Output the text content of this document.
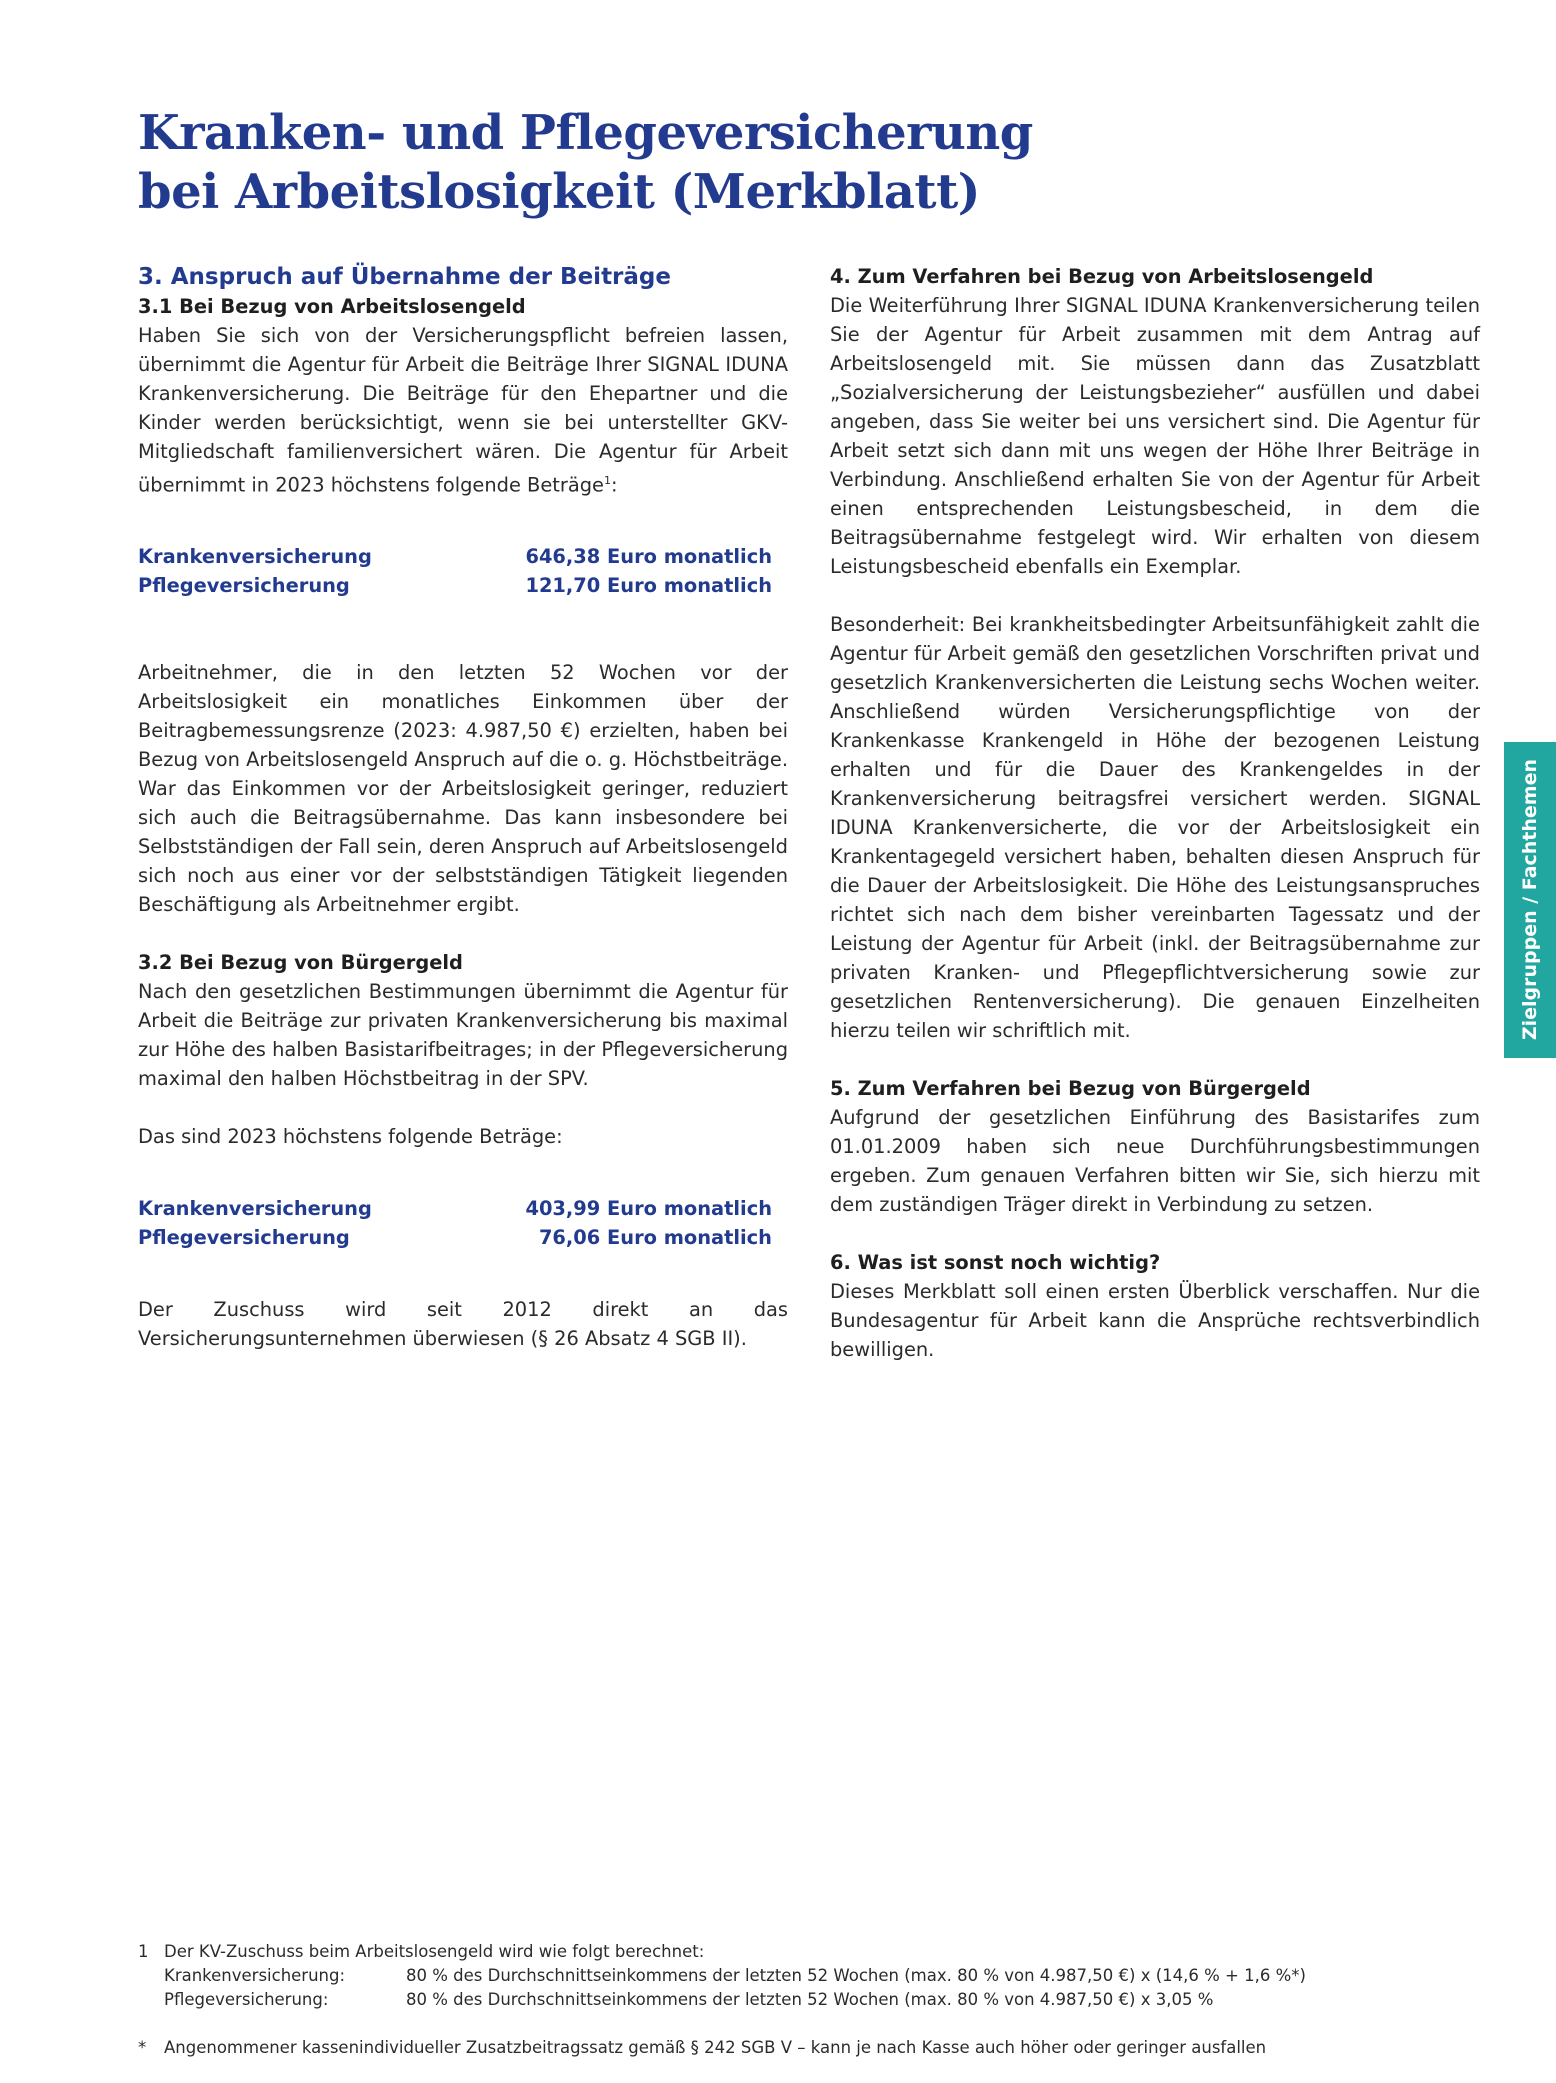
Kranken- und Pflegeversicherung
bei Arbeitslosigkeit (Merkblatt)
3. Anspruch auf Übernahme der Beiträge
3.1 Bei Bezug von Arbeitslosengeld

Haben Sie sich von der Versicherungspflicht befreien lassen, übernimmt die Agentur für Arbeit die Beiträge Ihrer SIGNAL IDUNA Krankenversicherung. Die Beiträge für den Ehepartner und die Kinder werden berücksichtigt, wenn sie bei unterstellter GKV-Mitgliedschaft familienversichert wären. Die Agentur für Arbeit übernimmt in 2023 höchstens folgende Beträge$^1$:

Krankenversicherung	646,38 Euro monatlich
Pflegeversicherung	121,70 Euro monatlich

Arbeitnehmer, die in den letzten 52 Wochen vor der Arbeitslosigkeit ein monatliches Einkommen über der Beitragbemessungsrenze (2023: 4.987,50 €) erzielten, haben bei Bezug von Arbeitslosengeld Anspruch auf die o. g. Höchstbeiträge. War das Einkommen vor der Arbeitslosigkeit geringer, reduziert sich auch die Beitragsübernahme. Das kann insbesondere bei Selbstständigen der Fall sein, deren Anspruch auf Arbeitslosengeld sich noch aus einer vor der selbstständigen Tätigkeit liegenden Beschäftigung als Arbeitnehmer ergibt.

3.2 Bei Bezug von Bürgergeld

Nach den gesetzlichen Bestimmungen übernimmt die Agentur für Arbeit die Beiträge zur privaten Krankenversicherung bis maximal zur Höhe des halben Basistarifbeitrages; in der Pflegeversicherung maximal den halben Höchstbeitrag in der SPV.

Das sind 2023 höchstens folgende Beträge:

Krankenversicherung	403,99 Euro monatlich
Pflegeversicherung	76,06 Euro monatlich

Der Zuschuss wird seit 2012 direkt an das Versicherungsunternehmen überwiesen (§ 26 Absatz 4 SGB II).

4. Zum Verfahren bei Bezug von Arbeitslosengeld

Die Weiterführung Ihrer SIGNAL IDUNA Krankenversicherung teilen Sie der Agentur für Arbeit zusammen mit dem Antrag auf Arbeitslosengeld mit. Sie müssen dann das Zusatzblatt „Sozialversicherung der Leistungsbezieher“ ausfüllen und dabei angeben, dass Sie weiter bei uns versichert sind. Die Agentur für Arbeit setzt sich dann mit uns wegen der Höhe Ihrer Beiträge in Verbindung. Anschließend erhalten Sie von der Agentur für Arbeit einen entsprechenden Leistungsbescheid, in dem die Beitragsübernahme festgelegt wird. Wir erhalten von diesem Leistungsbescheid ebenfalls ein Exemplar.

Besonderheit: Bei krankheitsbedingter Arbeitsunfähigkeit zahlt die Agentur für Arbeit gemäß den gesetzlichen Vorschriften privat und gesetzlich Krankenversicherten die Leistung sechs Wochen weiter. Anschließend würden Versicherungspflichtige von der Krankenkasse Krankengeld in Höhe der bezogenen Leistung erhalten und für die Dauer des Krankengeldes in der Krankenversicherung beitragsfrei versichert werden. SIGNAL IDUNA Krankenversicherte, die vor der Arbeitslosigkeit ein Krankentagegeld versichert haben, behalten diesen Anspruch für die Dauer der Arbeitslosigkeit. Die Höhe des Leistungsanspruches richtet sich nach dem bisher vereinbarten Tagessatz und der Leistung der Agentur für Arbeit (inkl. der Beitragsübernahme zur privaten Kranken- und Pflegepflichtversicherung sowie zur gesetzlichen Rentenversicherung). Die genauen Einzelheiten hierzu teilen wir schriftlich mit.

5. Zum Verfahren bei Bezug von Bürgergeld

Aufgrund der gesetzlichen Einführung des Basistarifes zum 01.01.2009 haben sich neue Durchführungsbestimmungen ergeben. Zum genauen Verfahren bitten wir Sie, sich hierzu mit dem zuständigen Träger direkt in Verbindung zu setzen.

6. Was ist sonst noch wichtig?

Dieses Merkblatt soll einen ersten Überblick verschaffen. Nur die Bundesagentur für Arbeit kann die Ansprüche rechtsverbindlich bewilligen.

Zielgruppen / Fachthemen
1 Der KV-Zuschuss beim Arbeitslosengeld wird wie folgt berechnet:
Krankenversicherung:	80 % des Durchschnittseinkommens der letzten 52 Wochen (max. 80 % von 4.987,50 €) x (14,6 % + 1,6 %*)
Pflegeversicherung:	80 % des Durchschnittseinkommens der letzten 52 Wochen (max. 80 % von 4.987,50 €) x 3,05 %
*	Angenommener kassenindividueller Zusatzbeitragssatz gemäß § 242 SGB V – kann je nach Kasse auch höher oder geringer ausfallen
